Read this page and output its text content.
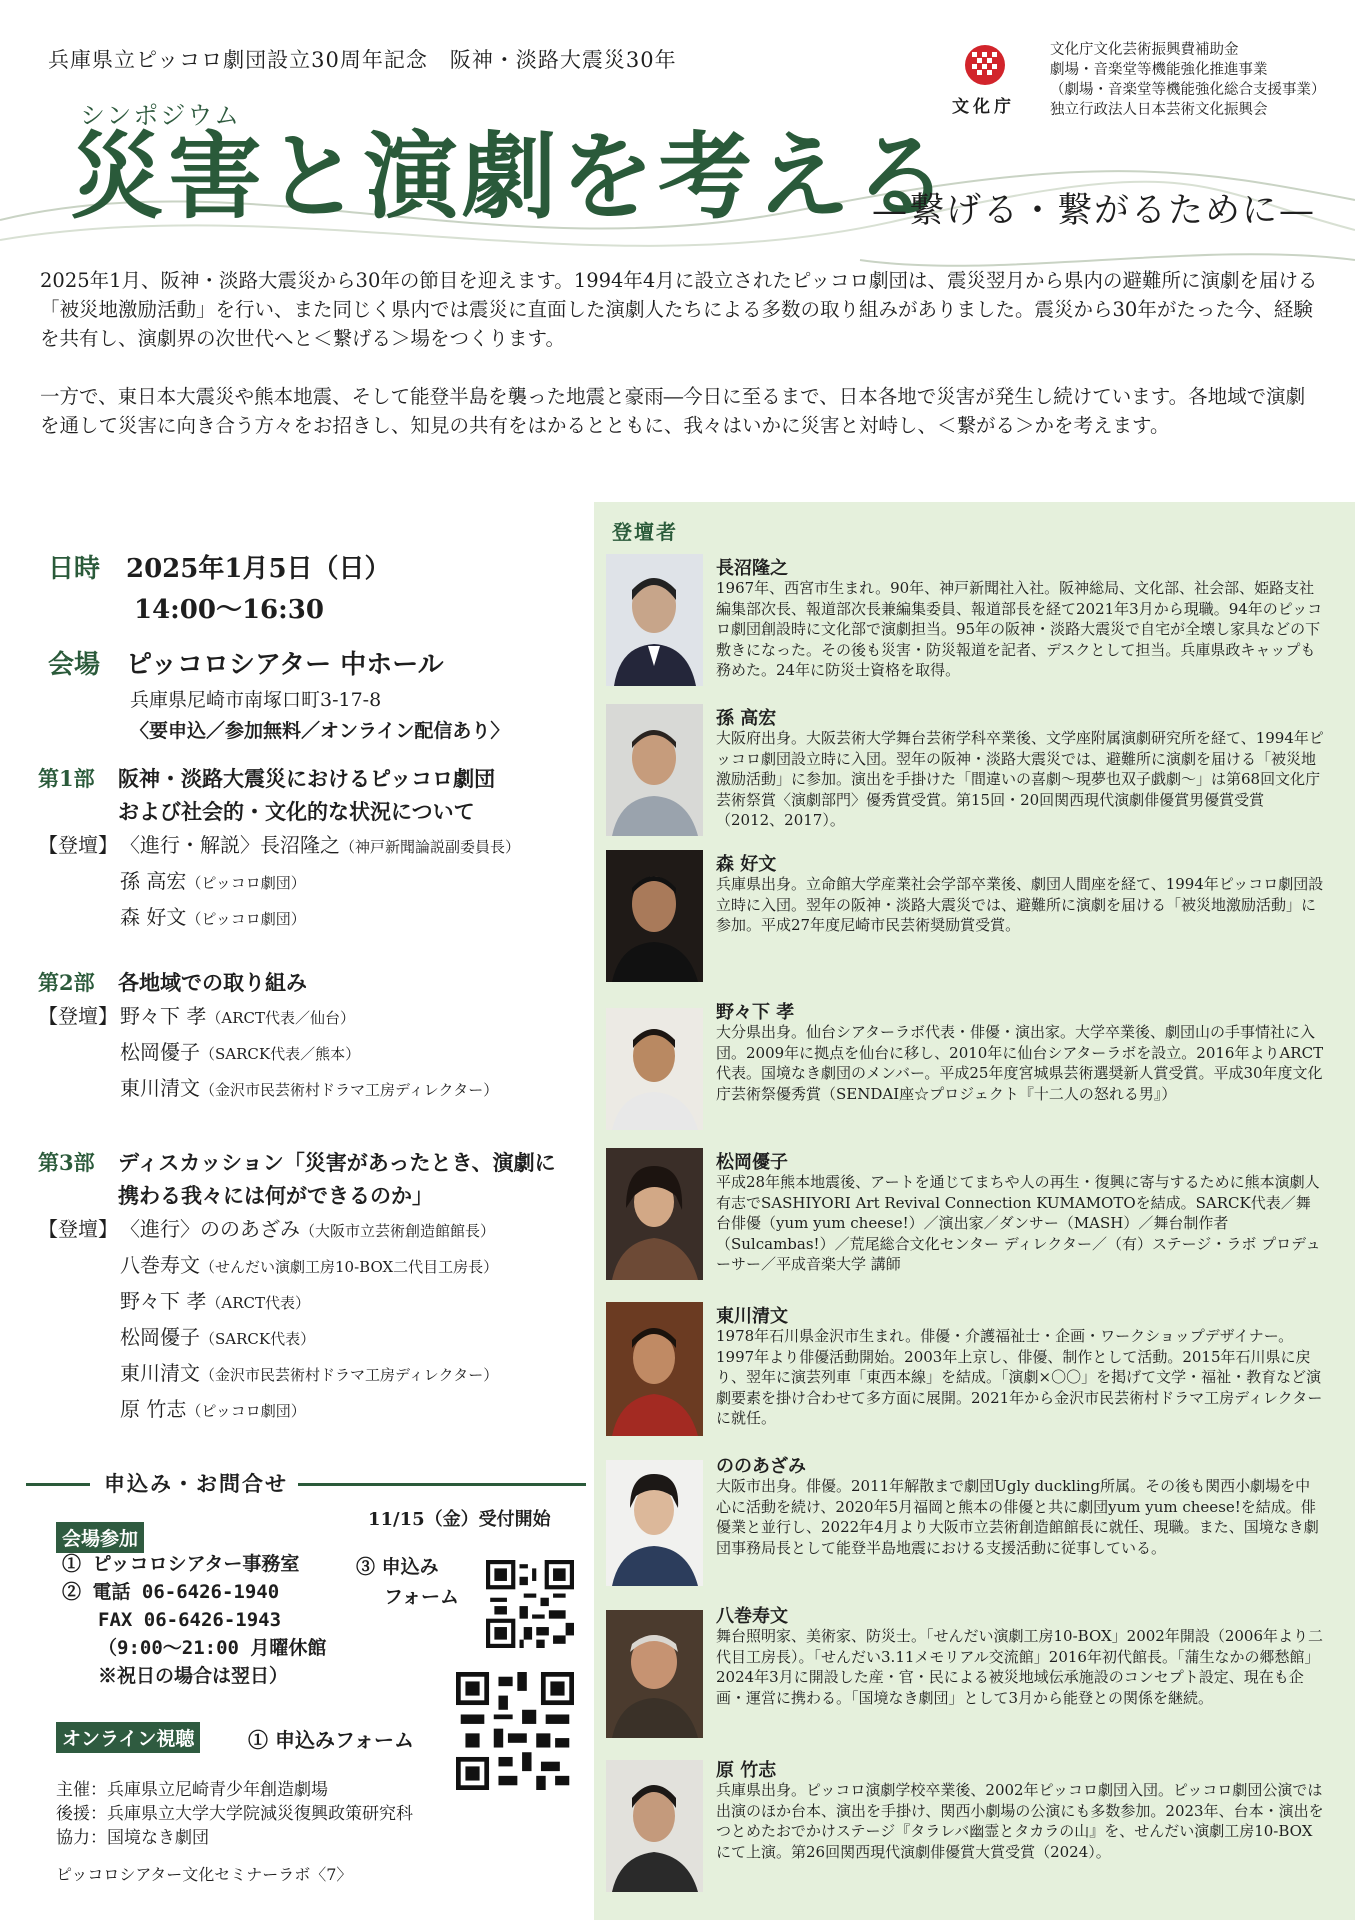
兵庫県立ピッコロ劇団設立30周年記念　阪神・淡路大震災30年
シンポジウム
災害と演劇を考える
—繋げる・繋がるために—
文化庁
文化庁文化芸術振興費補助金
劇場・音楽堂等機能強化推進事業
（劇場・音楽堂等機能強化総合支援事業）
独立行政法人日本芸術文化振興会

2025年1月、阪神・淡路大震災から30年の節目を迎えます。1994年4月に設立されたピッコロ劇団は、震災翌月から県内の避難所に演劇を届ける「被災地激励活動」を行い、また同じく県内では震災に直面した演劇人たちによる多数の取り組みがありました。震災から30年がたった今、経験を共有し、演劇界の次世代へと＜繋げる＞場をつくります。

一方で、東日本大震災や熊本地震、そして能登半島を襲った地震と豪雨―今日に至るまで、日本各地で災害が発生し続けています。各地域で演劇を通して災害に向き合う方々をお招きし、知見の共有をはかるとともに、我々はいかに災害と対峙し、＜繋がる＞かを考えます。

日時 2025年1月5日（日）
14:00～16:30
会場 ピッコロシアター 中ホール
兵庫県尼崎市南塚口町3-17-8
〈要申込／参加無料／オンライン配信あり〉
第1部	阪神・淡路大震災におけるピッコロ劇団
および社会的・文化的な状況について
【登壇】 〈進行・解説〉長沼隆之（神戸新聞論説副委員長）
孫 高宏（ピッコロ劇団）
森 好文（ピッコロ劇団）
第2部	各地域での取り組み
【登壇】 野々下 孝（ARCT代表／仙台）
松岡優子（SARCK代表／熊本）
東川清文（金沢市民芸術村ドラマ工房ディレクター）
第3部	ディスカッション「災害があったとき、演劇に
携わる我々には何ができるのか」
【登壇】 〈進行〉ののあざみ（大阪市立芸術創造館館長）
八巻寿文（せんだい演劇工房10-BOX二代目工房長）
野々下 孝（ARCT代表）
松岡優子（SARCK代表）
東川清文（金沢市民芸術村ドラマ工房ディレクター）
原 竹志（ピッコロ劇団）
申込み・お問合せ
11/15（金）受付開始
会場参加
① ピッコロシアター事務室
② 電話 06-6426-1940
FAX 06-6426-1943
（9:00～21:00 月曜休館
※祝日の場合は翌日）
③ 申込み
フォーム
オンライン視聴	① 申込みフォーム
主催：兵庫県立尼崎青少年創造劇場
後援：兵庫県立大学大学院減災復興政策研究科
協力：国境なき劇団
ピッコロシアター文化セミナーラボ〈7〉
登壇者
長沼隆之
1967年、西宮市生まれ。90年、神戸新聞社入社。阪神総局、文化部、社会部、姫路支社編集部次長、報道部次長兼編集委員、報道部長を経て2021年3月から現職。94年のピッコロ劇団創設時に文化部で演劇担当。95年の阪神・淡路大震災で自宅が全壊し家具などの下敷きになった。その後も災害・防災報道を記者、デスクとして担当。兵庫県政キャップも務めた。24年に防災士資格を取得。
孫 高宏
大阪府出身。大阪芸術大学舞台芸術学科卒業後、文学座附属演劇研究所を経て、1994年ピッコロ劇団設立時に入団。翌年の阪神・淡路大震災では、避難所に演劇を届ける「被災地激励活動」に参加。演出を手掛けた「間違いの喜劇～現夢也双子戯劇～」は第68回文化庁芸術祭賞〈演劇部門〉優秀賞受賞。第15回・20回関西現代演劇俳優賞男優賞受賞（2012、2017）。
森 好文
兵庫県出身。立命館大学産業社会学部卒業後、劇団人間座を経て、1994年ピッコロ劇団設立時に入団。翌年の阪神・淡路大震災では、避難所に演劇を届ける「被災地激励活動」に参加。平成27年度尼崎市民芸術奨励賞受賞。
野々下 孝
大分県出身。仙台シアターラボ代表・俳優・演出家。大学卒業後、劇団山の手事情社に入団。2009年に拠点を仙台に移し、2010年に仙台シアターラボを設立。2016年よりARCT代表。国境なき劇団のメンバー。平成25年度宮城県芸術選奨新人賞受賞。平成30年度文化庁芸術祭優秀賞（SENDAI座☆プロジェクト『十二人の怒れる男』）
松岡優子
平成28年熊本地震後、アートを通じてまちや人の再生・復興に寄与するために熊本演劇人有志でSASHIYORI Art Revival Connection KUMAMOTOを結成。SARCK代表／舞台俳優（yum yum cheese!）／演出家／ダンサー（MASH）／舞台制作者（Sulcambas!）／荒尾総合文化センター ディレクター／（有）ステージ・ラボ プロデューサー／平成音楽大学 講師
東川清文
1978年石川県金沢市生まれ。俳優・介護福祉士・企画・ワークショップデザイナー。1997年より俳優活動開始。2003年上京し、俳優、制作として活動。2015年石川県に戻り、翌年に演芸列車「東西本線」を結成。「演劇×〇〇」を掲げて文学・福祉・教育など演劇要素を掛け合わせて多方面に展開。2021年から金沢市民芸術村ドラマ工房ディレクターに就任。
ののあざみ
大阪市出身。俳優。2011年解散まで劇団Ugly duckling所属。その後も関西小劇場を中心に活動を続け、2020年5月福岡と熊本の俳優と共に劇団yum yum cheese!を結成。俳優業と並行し、2022年4月より大阪市立芸術創造館館長に就任、現職。また、国境なき劇団事務局長として能登半島地震における支援活動に従事している。
八巻寿文
舞台照明家、美術家、防災士。「せんだい演劇工房10-BOX」2002年開設（2006年より二代目工房長）。「せんだい3.11メモリアル交流館」2016年初代館長。「蒲生なかの郷愁館」2024年3月に開設した産・官・民による被災地域伝承施設のコンセプト設定、現在も企画・運営に携わる。「国境なき劇団」として3月から能登との関係を継続。
原 竹志
兵庫県出身。ピッコロ演劇学校卒業後、2002年ピッコロ劇団入団。ピッコロ劇団公演では出演のほか台本、演出を手掛け、関西小劇場の公演にも多数参加。2023年、台本・演出をつとめたおでかけステージ『タラレバ幽霊とタカラの山』を、せんだい演劇工房10-BOXにて上演。第26回関西現代演劇俳優賞大賞受賞（2024）。
